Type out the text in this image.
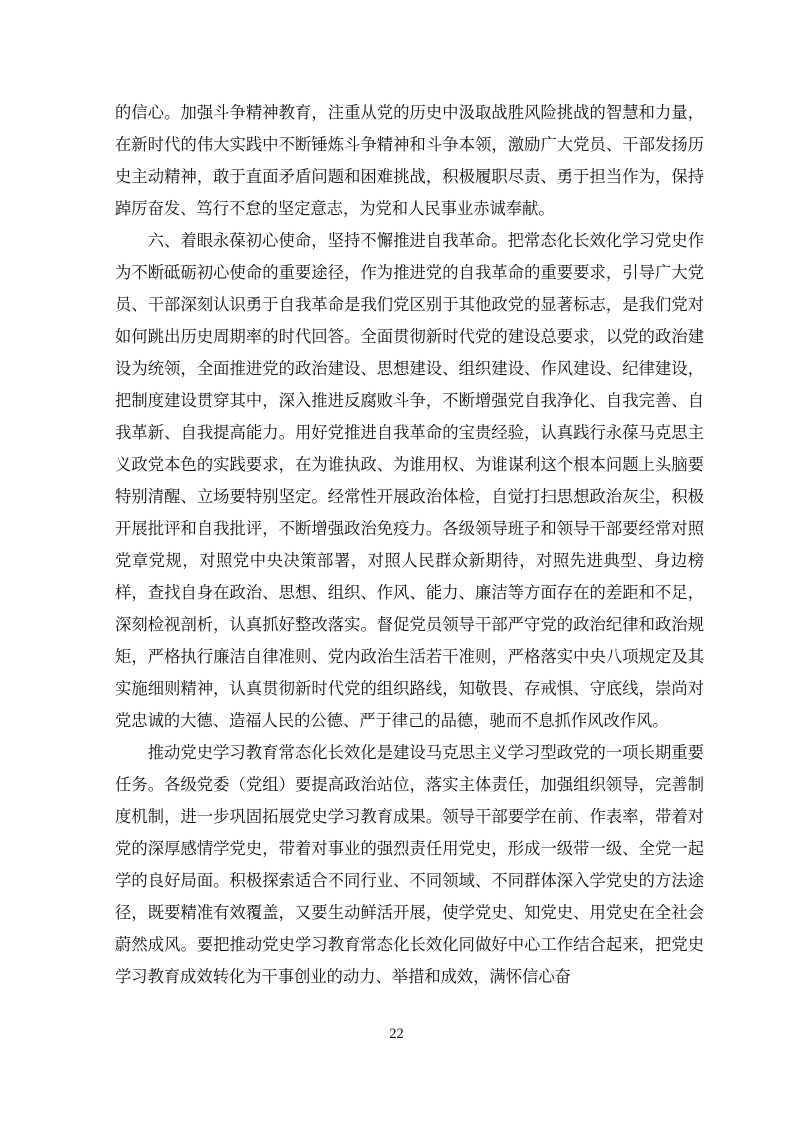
的信心。加强斗争精神教育，注重从党的历史中汲取战胜风险挑战的智慧和力量，在新时代的伟大实践中不断锤炼斗争精神和斗争本领，激励广大党员、干部发扬历史主动精神，敢于直面矛盾问题和困难挑战，积极履职尽责、勇于担当作为，保持踔厉奋发、笃行不怠的坚定意志，为党和人民事业赤诚奉献。

六、着眼永葆初心使命，坚持不懈推进自我革命。把常态化长效化学习党史作为不断砥砺初心使命的重要途径，作为推进党的自我革命的重要要求，引导广大党员、干部深刻认识勇于自我革命是我们党区别于其他政党的显著标志，是我们党对如何跳出历史周期率的时代回答。全面贯彻新时代党的建设总要求，以党的政治建设为统领，全面推进党的政治建设、思想建设、组织建设、作风建设、纪律建设，把制度建设贯穿其中，深入推进反腐败斗争，不断增强党自我净化、自我完善、自我革新、自我提高能力。用好党推进自我革命的宝贵经验，认真践行永葆马克思主义政党本色的实践要求，在为谁执政、为谁用权、为谁谋利这个根本问题上头脑要特别清醒、立场要特别坚定。经常性开展政治体检，自觉打扫思想政治灰尘，积极开展批评和自我批评，不断增强政治免疫力。各级领导班子和领导干部要经常对照党章党规，对照党中央决策部署，对照人民群众新期待，对照先进典型、身边榜样，查找自身在政治、思想、组织、作风、能力、廉洁等方面存在的差距和不足，深刻检视剖析，认真抓好整改落实。督促党员领导干部严守党的政治纪律和政治规矩，严格执行廉洁自律准则、党内政治生活若干准则，严格落实中央八项规定及其实施细则精神，认真贯彻新时代党的组织路线，知敬畏、存戒惧、守底线，崇尚对党忠诚的大德、造福人民的公德、严于律己的品德，驰而不息抓作风改作风。

推动党史学习教育常态化长效化是建设马克思主义学习型政党的一项长期重要任务。各级党委（党组）要提高政治站位，落实主体责任，加强组织领导，完善制度机制，进一步巩固拓展党史学习教育成果。领导干部要学在前、作表率，带着对党的深厚感情学党史，带着对事业的强烈责任用党史，形成一级带一级、全党一起学的良好局面。积极探索适合不同行业、不同领域、不同群体深入学党史的方法途径，既要精准有效覆盖，又要生动鲜活开展，使学党史、知党史、用党史在全社会蔚然成风。要把推动党史学习教育常态化长效化同做好中心工作结合起来，把党史学习教育成效转化为干事创业的动力、举措和成效，满怀信心奋

22
